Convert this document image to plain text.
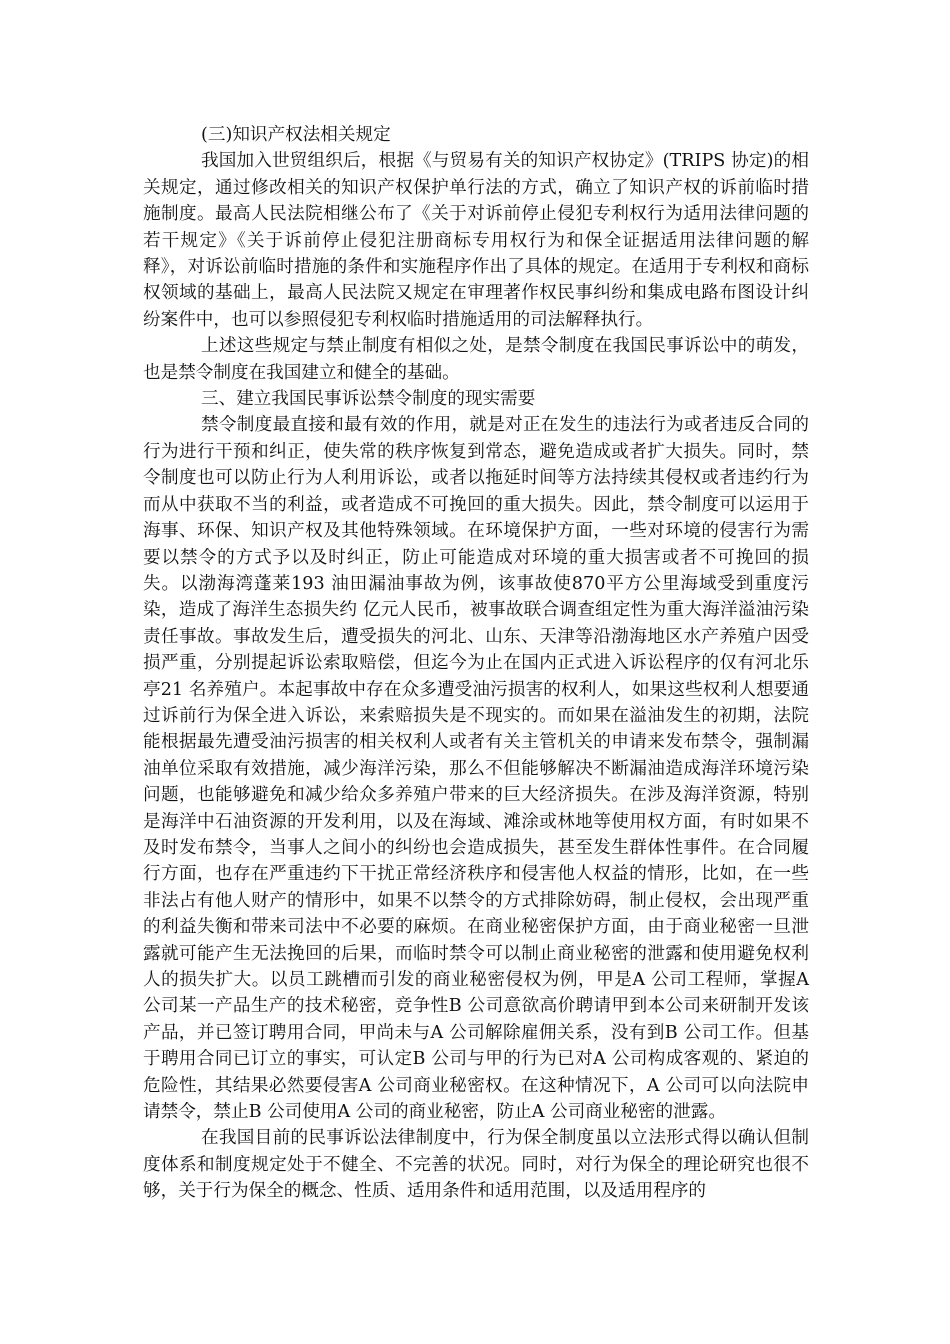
(三)知识产权法相关规定

我国加入世贸组织后，根据《与贸易有关的知识产权协定》(TRIPS 协定)的相关规定，通过修改相关的知识产权保护单行法的方式，确立了知识产权的诉前临时措施制度。最高人民法院相继公布了《关于对诉前停止侵犯专利权行为适用法律问题的若干规定》《关于诉前停止侵犯注册商标专用权行为和保全证据适用法律问题的解释》，对诉讼前临时措施的条件和实施程序作出了具体的规定。在适用于专利权和商标权领域的基础上，最高人民法院又规定在审理著作权民事纠纷和集成电路布图设计纠纷案件中，也可以参照侵犯专利权临时措施适用的司法解释执行。

上述这些规定与禁止制度有相似之处，是禁令制度在我国民事诉讼中的萌发， 也是禁令制度在我国建立和健全的基础。

三、建立我国民事诉讼禁令制度的现实需要

禁令制度最直接和最有效的作用，就是对正在发生的违法行为或者违反合同的行为进行干预和纠正，使失常的秩序恢复到常态，避免造成或者扩大损失。同时，禁令制度也可以防止行为人利用诉讼，或者以拖延时间等方法持续其侵权或者违约行为而从中获取不当的利益，或者造成不可挽回的重大损失。因此，禁令制度可以运用于海事、环保、知识产权及其他特殊领域。在环境保护方面，一些对环境的侵害行为需要以禁令的方式予以及时纠正，防止可能造成对环境的重大损害或者不可挽回的损失。以渤海湾蓬莱193 油田漏油事故为例，该事故使870平方公里海域受到重度污染，造成了海洋生态损失约 亿元人民币，被事故联合调查组定性为重大海洋溢油污染责任事故。事故发生后，遭受损失的河北、山东、天津等沿渤海地区水产养殖户因受损严重，分别提起诉讼索取赔偿，但迄今为止在国内正式进入诉讼程序的仅有河北乐亭21 名养殖户。本起事故中存在众多遭受油污损害的权利人，如果这些权利人想要通过诉前行为保全进入诉讼，来索赔损失是不现实的。而如果在溢油发生的初期，法院能根据最先遭受油污损害的相关权利人或者有关主管机关的申请来发布禁令，强制漏油单位采取有效措施，减少海洋污染，那么不但能够解决不断漏油造成海洋环境污染问题，也能够避免和减少给众多养殖户带来的巨大经济损失。在涉及海洋资源，特别是海洋中石油资源的开发利用，以及在海域、滩涂或林地等使用权方面，有时如果不及时发布禁令，当事人之间小的纠纷也会造成损失，甚至发生群体性事件。在合同履行方面，也存在严重违约下干扰正常经济秩序和侵害他人权益的情形，比如，在一些非法占有他人财产的情形中，如果不以禁令的方式排除妨碍，制止侵权，会出现严重的利益失衡和带来司法中不必要的麻烦。在商业秘密保护方面，由于商业秘密一旦泄露就可能产生无法挽回的后果，而临时禁令可以制止商业秘密的泄露和使用避免权利人的损失扩大。以员工跳槽而引发的商业秘密侵权为例，甲是A 公司工程师，掌握A 公司某一产品生产的技术秘密，竞争性B 公司意欲高价聘请甲到本公司来研制开发该产品，并已签订聘用合同，甲尚未与A 公司解除雇佣关系，没有到B 公司工作。但基于聘用合同已订立的事实，可认定B 公司与甲的行为已对A 公司构成客观的、紧迫的危险性，其结果必然要侵害A 公司商业秘密权。在这种情况下，A 公司可以向法院申请禁令，禁止B 公司使用A 公司的商业秘密，防止A 公司商业秘密的泄露。

在我国目前的民事诉讼法律制度中，行为保全制度虽以立法形式得以确认但制度体系和制度规定处于不健全、不完善的状况。同时，对行为保全的理论研究也很不够，关于行为保全的概念、性质、适用条件和适用范围，以及适用程序的
